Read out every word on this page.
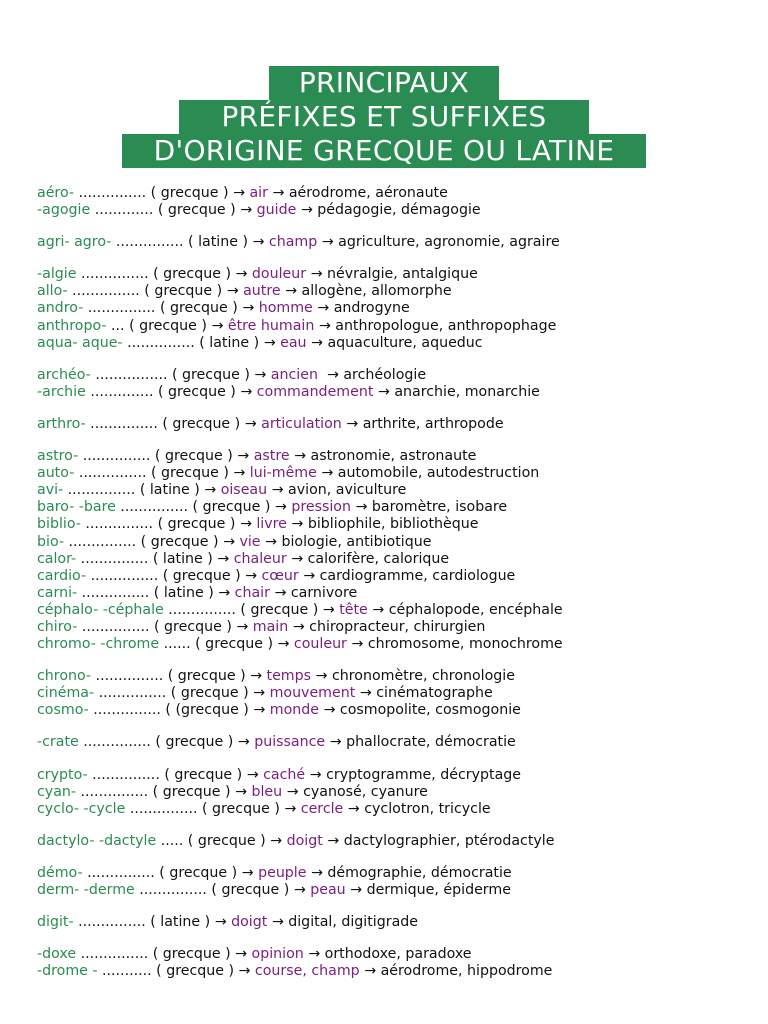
PRINCIPAUX
PRÉFIXES ET SUFFIXES
D'ORIGINE GRECQUE OU LATINE
aéro- ............... ( grecque ) → air → aérodrome, aéronaute
-agogie ............. ( grecque ) → guide → pédagogie, démagogie
agri- agro- ............... ( latine ) → champ → agriculture, agronomie, agraire
-algie ............... ( grecque ) → douleur → névralgie, antalgique
allo- ............... ( grecque ) → autre → allogène, allomorphe
andro- ............... ( grecque ) → homme → androgyne
anthropo- ... ( grecque ) → être humain → anthropologue, anthropophage
aqua- aque- ............... ( latine ) → eau → aquaculture, aqueduc
archéo- ................ ( grecque ) → ancien  → archéologie
-archie .............. ( grecque ) → commandement → anarchie, monarchie
arthro- ............... ( grecque ) → articulation → arthrite, arthropode
astro- ............... ( grecque ) → astre → astronomie, astronaute
auto- ............... ( grecque ) → lui-même → automobile, autodestruction
avi- ............... ( latine ) → oiseau → avion, aviculture
baro- -bare ............... ( grecque ) → pression → baromètre, isobare
biblio- ............... ( grecque ) → livre → bibliophile, bibliothèque
bio- ............... ( grecque ) → vie → biologie, antibiotique
calor- ............... ( latine ) → chaleur → calorifère, calorique
cardio- ............... ( grecque ) → cœur → cardiogramme, cardiologue
carni- ............... ( latine ) → chair → carnivore
céphalo- -céphale ............... ( grecque ) → tête → céphalopode, encéphale
chiro- ............... ( grecque ) → main → chiropracteur, chirurgien
chromo- -chrome ...... ( grecque ) → couleur → chromosome, monochrome
chrono- ............... ( grecque ) → temps → chronomètre, chronologie
cinéma- ............... ( grecque ) → mouvement → cinématographe
cosmo- ............... ( (grecque ) → monde → cosmopolite, cosmogonie
-crate ............... ( grecque ) → puissance → phallocrate, démocratie
crypto- ............... ( grecque ) → caché → cryptogramme, décryptage
cyan- ............... ( grecque ) → bleu → cyanosé, cyanure
cyclo- -cycle ............... ( grecque ) → cercle → cyclotron, tricycle
dactylo- -dactyle ..... ( grecque ) → doigt → dactylographier, ptérodactyle
démo- ............... ( grecque ) → peuple → démographie, démocratie
derm- -derme ............... ( grecque ) → peau → dermique, épiderme
digit- ............... ( latine ) → doigt → digital, digitigrade
-doxe ............... ( grecque ) → opinion → orthodoxe, paradoxe
-drome - ........... ( grecque ) → course, champ → aérodrome, hippodrome
